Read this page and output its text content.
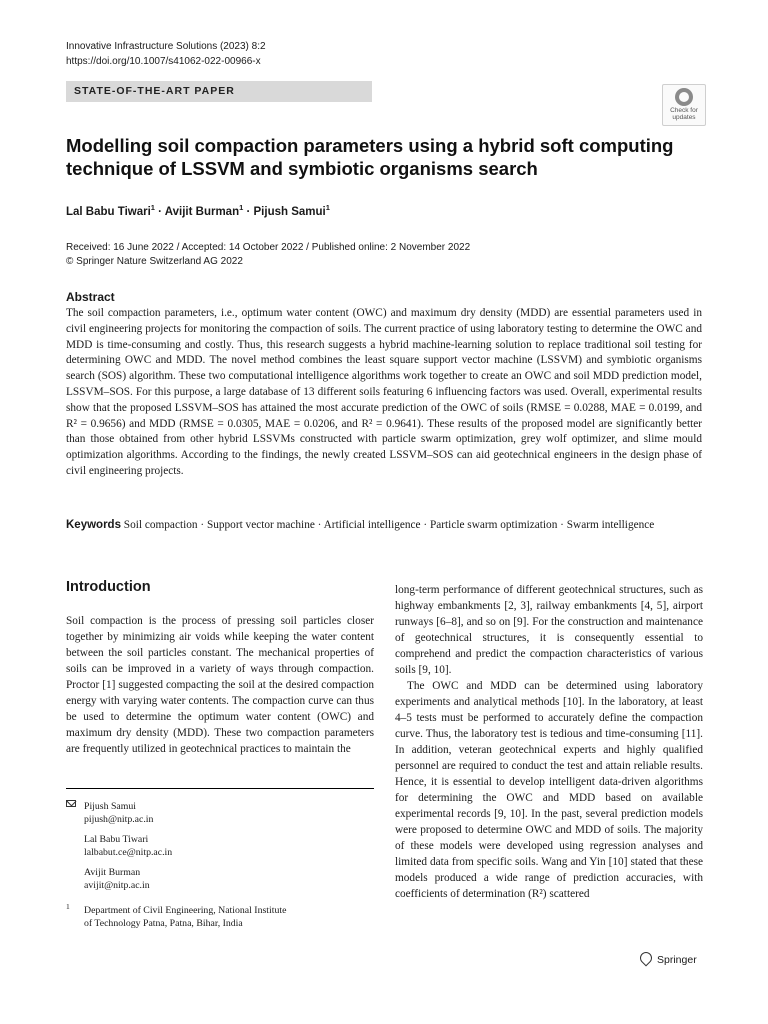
Innovative Infrastructure Solutions (2023) 8:2
https://doi.org/10.1007/s41062-022-00966-x
STATE-OF-THE-ART PAPER
Check for updates
Modelling soil compaction parameters using a hybrid soft computing technique of LSSVM and symbiotic organisms search
Lal Babu Tiwari$^1$ · Avijit Burman$^1$ · Pijush Samui$^1$
Received: 16 June 2022 / Accepted: 14 October 2022 / Published online: 2 November 2022
© Springer Nature Switzerland AG 2022
Abstract
The soil compaction parameters, i.e., optimum water content (OWC) and maximum dry density (MDD) are essential parameters used in civil engineering projects for monitoring the compaction of soils. The current practice of using laboratory testing to determine the OWC and MDD is time-consuming and costly. Thus, this research suggests a hybrid machine-learning solution to replace traditional soil testing for determining OWC and MDD. The novel method combines the least square support vector machine (LSSVM) and symbiotic organisms search (SOS) algorithm. These two computational intelligence algorithms work together to create an OWC and soil MDD prediction model, LSSVM–SOS. For this purpose, a large database of 13 different soils featuring 6 influencing factors was used. Overall, experimental results show that the proposed LSSVM–SOS has attained the most accurate prediction of the OWC of soils (RMSE = 0.0288, MAE = 0.0199, and R² = 0.9656) and MDD (RMSE = 0.0305, MAE = 0.0206, and R² = 0.9641). These results of the proposed model are significantly better than those obtained from other hybrid LSSVMs constructed with particle swarm optimization, grey wolf optimizer, and slime mould optimization algorithms. According to the findings, the newly created LSSVM–SOS can aid geotechnical engineers in the design phase of civil engineering projects.
Keywords Soil compaction · Support vector machine · Artificial intelligence · Particle swarm optimization · Swarm intelligence
Introduction
Soil compaction is the process of pressing soil particles closer together by minimizing air voids while keeping the water content between the soil particles constant. The mechanical properties of soils can be improved in a variety of ways through compaction. Proctor [1] suggested compacting the soil at the desired compaction energy with varying water contents. The compaction curve can thus be used to determine the optimum water content (OWC) and maximum dry density (MDD). These two compaction parameters are frequently utilized in geotechnical practices to maintain the
long-term performance of different geotechnical structures, such as highway embankments [2, 3], railway embankments [4, 5], airport runways [6–8], and so on [9]. For the construction and maintenance of geotechnical structures, it is consequently essential to comprehend and predict the compaction characteristics of various soils [9, 10].
The OWC and MDD can be determined using laboratory experiments and analytical methods [10]. In the laboratory, at least 4–5 tests must be performed to accurately define the compaction curve. Thus, the laboratory test is tedious and time-consuming [11]. In addition, veteran geotechnical experts and highly qualified personnel are required to conduct the test and attain reliable results. Hence, it is essential to develop intelligent data-driven algorithms for determining the OWC and MDD based on available experimental records [9, 10]. In the past, several prediction models were proposed to determine OWC and MDD of soils. The majority of these models were developed using regression analyses and limited data from specific soils. Wang and Yin [10] stated that these models produced a wide range of prediction accuracies, with coefficients of determination (R²) scattered
Pijush Samui
pijush@nitp.ac.in
Lal Babu Tiwari
lalbabut.ce@nitp.ac.in
Avijit Burman
avijit@nitp.ac.in
1 Department of Civil Engineering, National Institute
of Technology Patna, Patna, Bihar, India
Springer
